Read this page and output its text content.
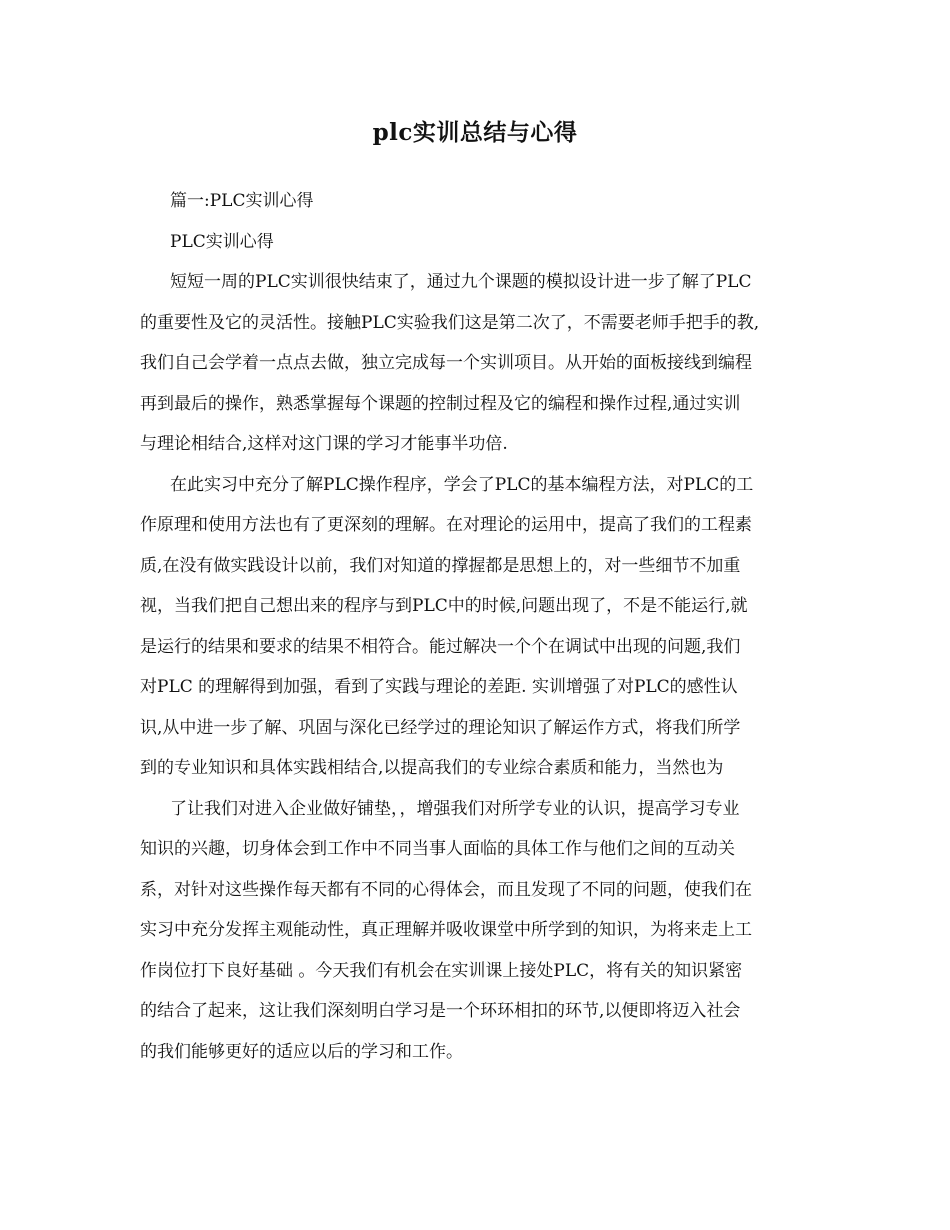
plc实训总结与心得
篇一:PLC实训心得
PLC实训心得
短短一周的PLC实训很快结束了，通过九个课题的模拟设计进一步了解了PLC
的重要性及它的灵活性。接触PLC实验我们这是第二次了，不需要老师手把手的教,
我们自己会学着一点点去做，独立完成每一个实训项目。从开始的面板接线到编程
再到最后的操作，熟悉掌握每个课题的控制过程及它的编程和操作过程,通过实训
与理论相结合,这样对这门课的学习才能事半功倍.
在此实习中充分了解PLC操作程序，学会了PLC的基本编程方法，对PLC的工
作原理和使用方法也有了更深刻的理解。在对理论的运用中，提高了我们的工程素
质,在没有做实践设计以前，我们对知道的撑握都是思想上的，对一些细节不加重
视，当我们把自己想出来的程序与到PLC中的时候,问题出现了，不是不能运行,就
是运行的结果和要求的结果不相符合。能过解决一个个在调试中出现的问题,我们
对PLC 的理解得到加强，看到了实践与理论的差距. 实训增强了对PLC的感性认
识,从中进一步了解、巩固与深化已经学过的理论知识了解运作方式，将我们所学
到的专业知识和具体实践相结合,以提高我们的专业综合素质和能力，当然也为
了让我们对进入企业做好铺垫，，增强我们对所学专业的认识，提高学习专业
知识的兴趣，切身体会到工作中不同当事人面临的具体工作与他们之间的互动关
系，对针对这些操作每天都有不同的心得体会，而且发现了不同的问题，使我们在
实习中充分发挥主观能动性，真正理解并吸收课堂中所学到的知识，为将来走上工
作岗位打下良好基础 。今天我们有机会在实训课上接处PLC，将有关的知识紧密
的结合了起来，这让我们深刻明白学习是一个环环相扣的环节,以便即将迈入社会
的我们能够更好的适应以后的学习和工作。
